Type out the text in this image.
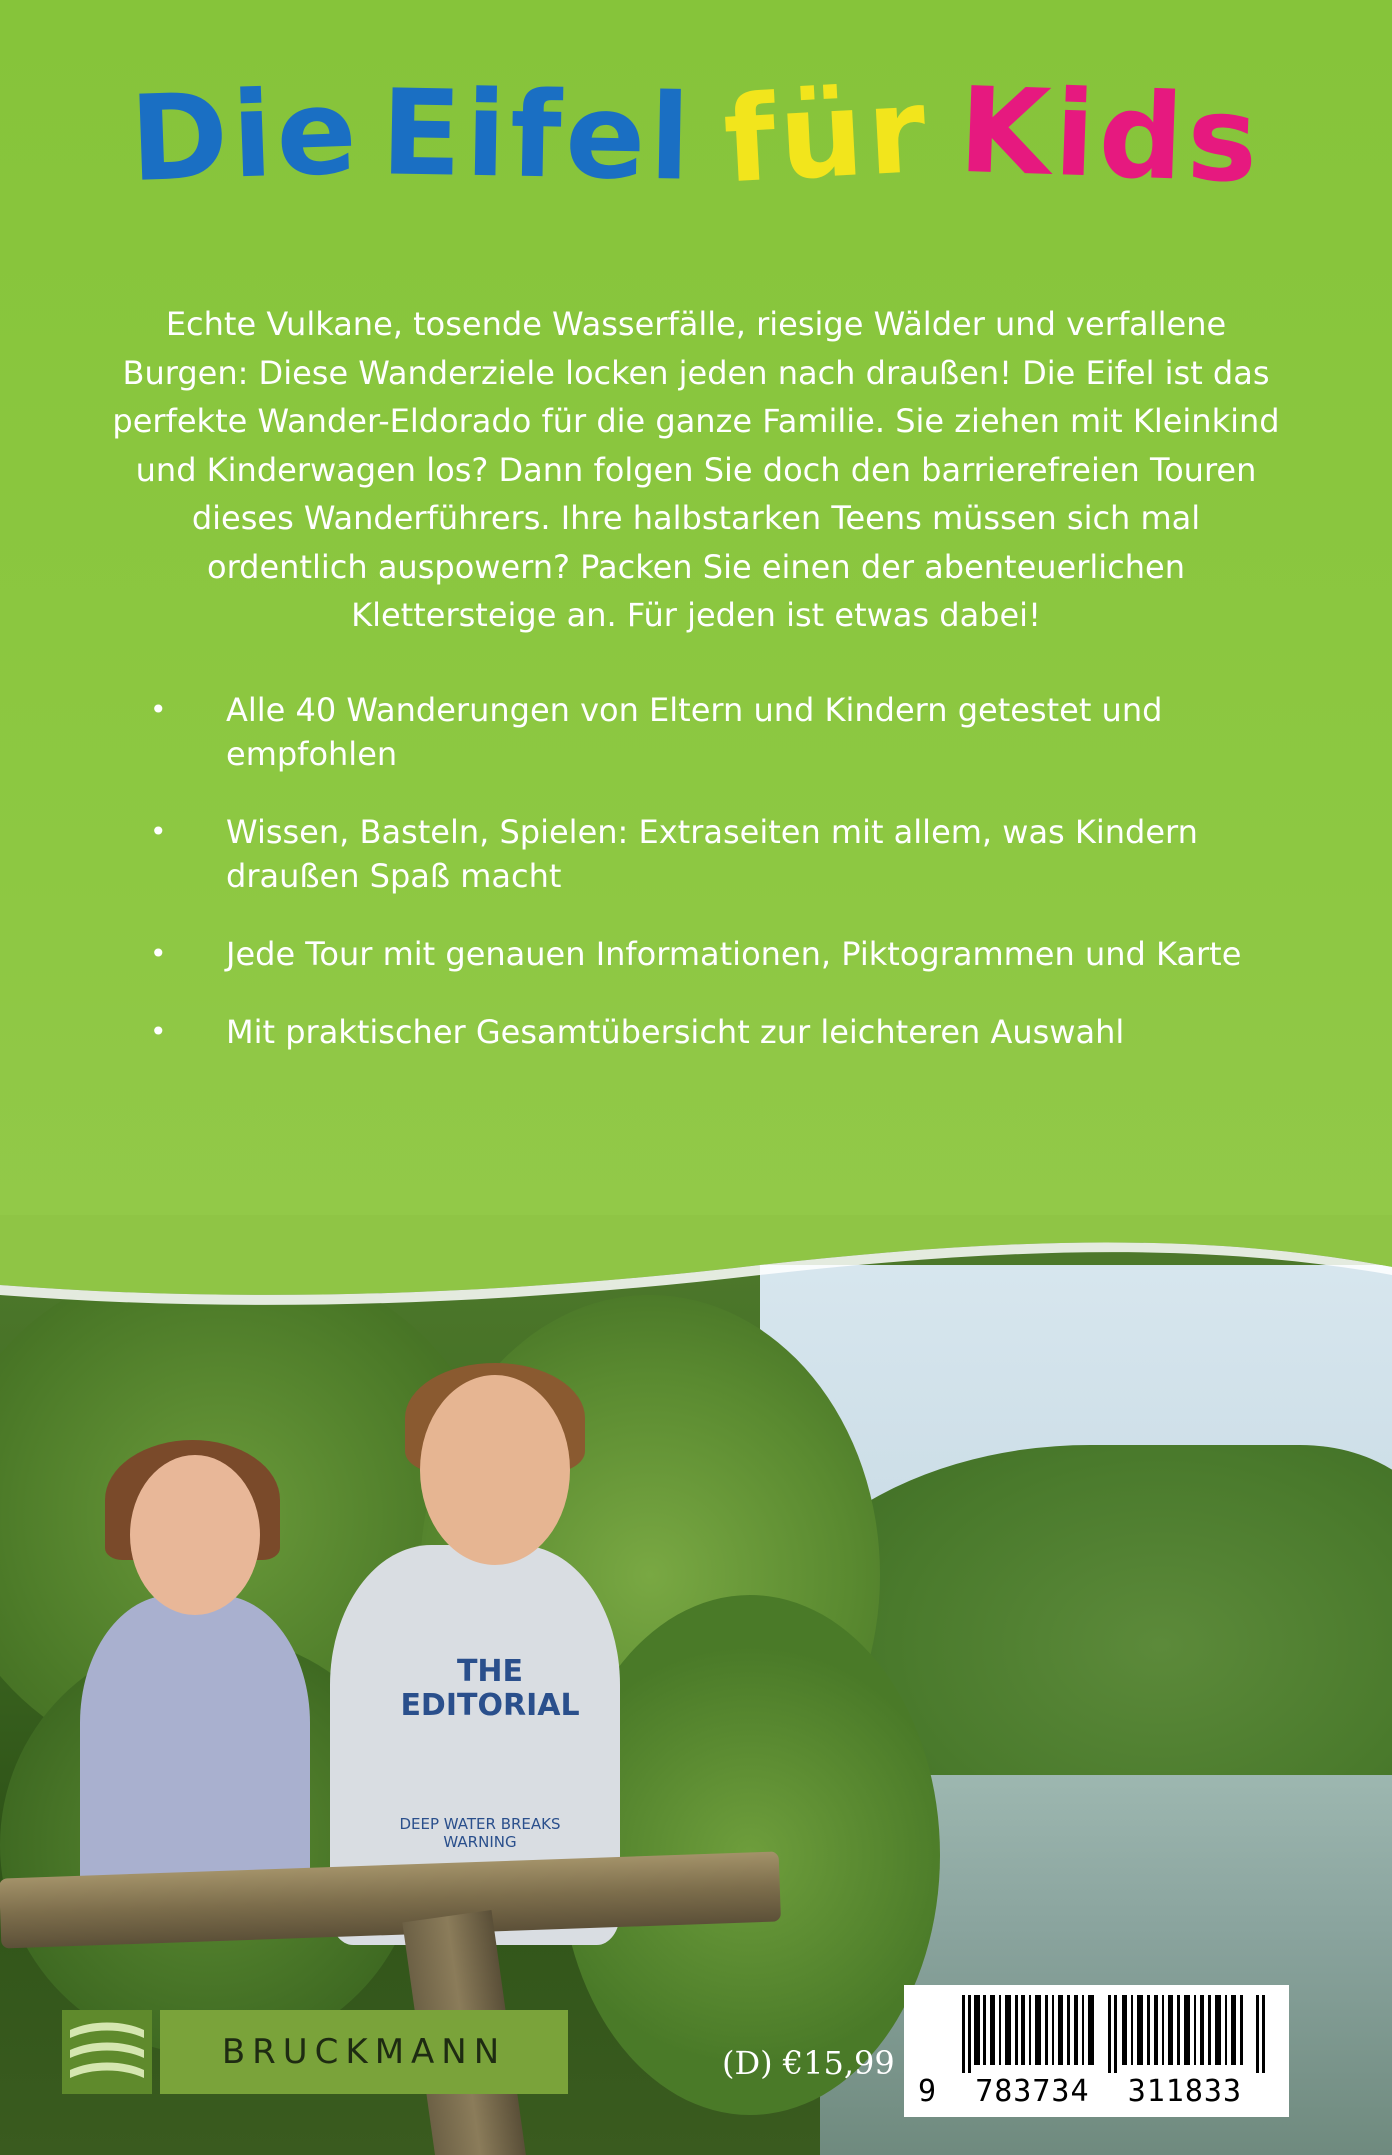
Die Eifel für Kids

Echte Vulkane, tosende Wasserfälle, riesige Wälder und verfallene Burgen: Diese Wanderziele locken jeden nach draußen! Die Eifel ist das perfekte Wander-Eldorado für die ganze Familie. Sie ziehen mit Kleinkind und Kinderwagen los? Dann folgen Sie doch den barrierefreien Touren dieses Wanderführers. Ihre halbstarken Teens müssen sich mal ordentlich auspowern? Packen Sie einen der abenteuerlichen Klettersteige an. Für jeden ist etwas dabei!

• Alle 40 Wanderungen von Eltern und Kindern getestet und empfohlen
• Wissen, Basteln, Spielen: Extraseiten mit allem, was Kindern draußen Spaß macht
• Jede Tour mit genauen Informationen, Piktogrammen und Karte
• Mit praktischer Gesamtübersicht zur leichteren Auswahl
THE EDITORIAL
DEEP WATER BREAKS WARNING
BRUCKMANN	(D) €15,99
9 783734 311833
